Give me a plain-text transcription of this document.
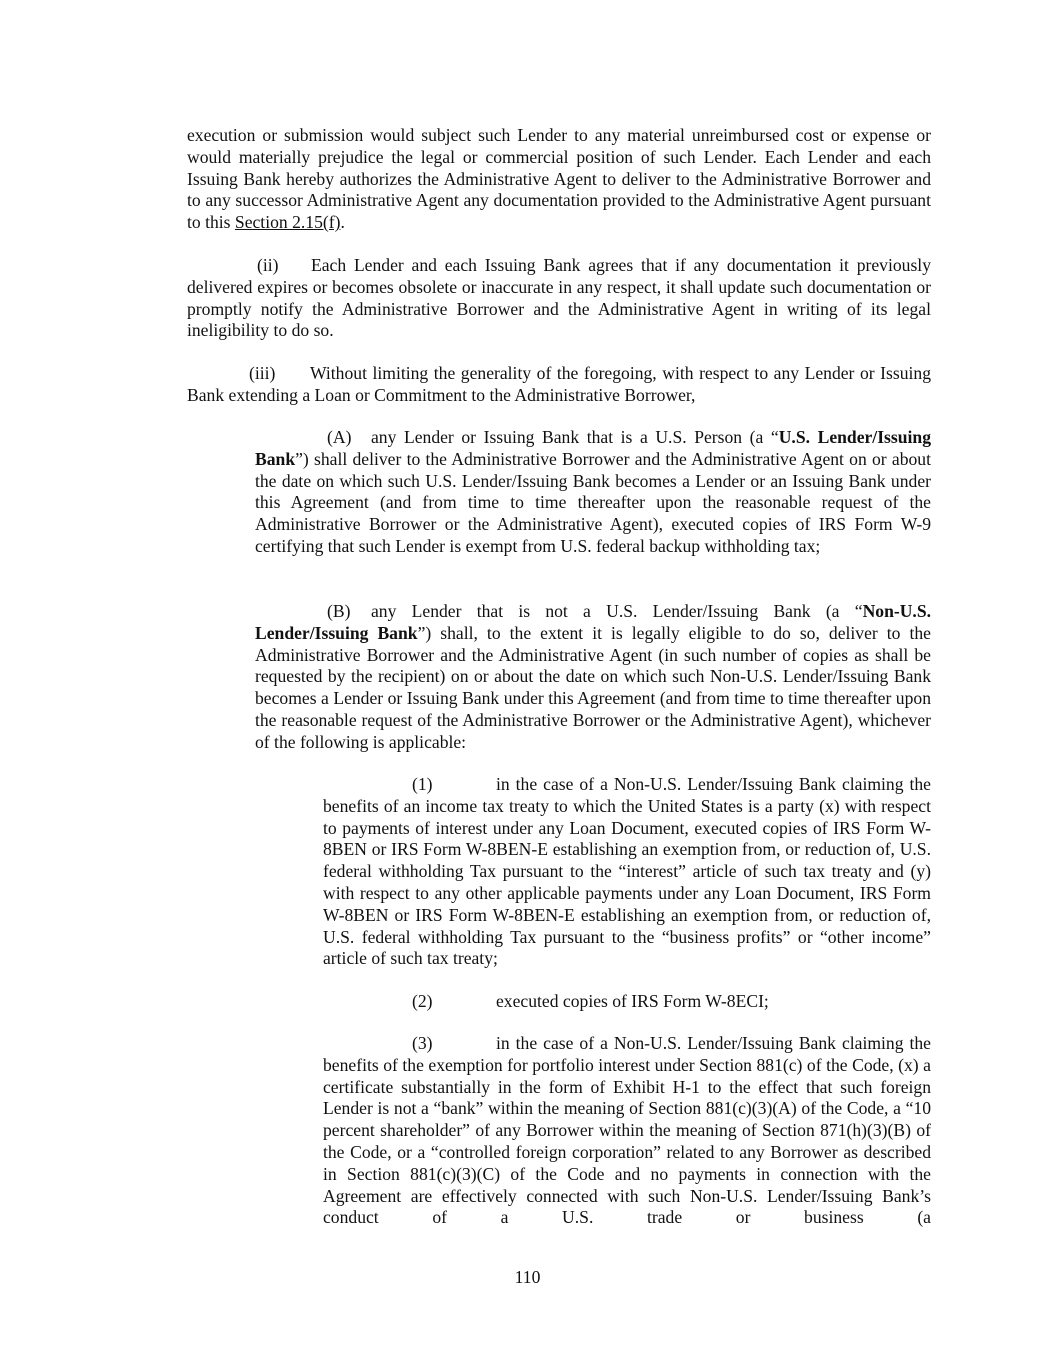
execution or submission would subject such Lender to any material unreimbursed cost or expense or would materially prejudice the legal or commercial position of such Lender. Each Lender and each Issuing Bank hereby authorizes the Administrative Agent to deliver to the Administrative Borrower and to any successor Administrative Agent any documentation provided to the Administrative Agent pursuant to this Section 2.15(f).

(ii) Each Lender and each Issuing Bank agrees that if any documentation it previously delivered expires or becomes obsolete or inaccurate in any respect, it shall update such documentation or promptly notify the Administrative Borrower and the Administrative Agent in writing of its legal ineligibility to do so.

(iii) Without limiting the generality of the foregoing, with respect to any Lender or Issuing Bank extending a Loan or Commitment to the Administrative Borrower,

(A) any Lender or Issuing Bank that is a U.S. Person (a “U.S. Lender/Issuing Bank”) shall deliver to the Administrative Borrower and the Administrative Agent on or about the date on which such U.S. Lender/Issuing Bank becomes a Lender or an Issuing Bank under this Agreement (and from time to time thereafter upon the reasonable request of the Administrative Borrower or the Administrative Agent), executed copies of IRS Form W-9 certifying that such Lender is exempt from U.S. federal backup withholding tax;

(B) any Lender that is not a U.S. Lender/Issuing Bank (a “Non-U.S. Lender/Issuing Bank”) shall, to the extent it is legally eligible to do so, deliver to the Administrative Borrower and the Administrative Agent (in such number of copies as shall be requested by the recipient) on or about the date on which such Non-U.S. Lender/Issuing Bank becomes a Lender or Issuing Bank under this Agreement (and from time to time thereafter upon the reasonable request of the Administrative Borrower or the Administrative Agent), whichever of the following is applicable:

(1)	in the case of a Non-U.S. Lender/Issuing Bank claiming the benefits of an income tax treaty to which the United States is a party (x) with respect to payments of interest under any Loan Document, executed copies of IRS Form W-8BEN or IRS Form W-8BEN-E establishing an exemption from, or reduction of, U.S. federal withholding Tax pursuant to the “interest” article of such tax treaty and (y) with respect to any other applicable payments under any Loan Document, IRS Form W-8BEN or IRS Form W-8BEN-E establishing an exemption from, or reduction of, U.S. federal withholding Tax pursuant to the “business profits” or “other income” article of such tax treaty;

(2)	executed copies of IRS Form W-8ECI;

(3)	in the case of a Non-U.S. Lender/Issuing Bank claiming the benefits of the exemption for portfolio interest under Section 881(c) of the Code, (x) a certificate substantially in the form of Exhibit H-1 to the effect that such foreign Lender is not a “bank” within the meaning of Section 881(c)(3)(A) of the Code, a “10 percent shareholder” of any Borrower within the meaning of Section 871(h)(3)(B) of the Code, or a “controlled foreign corporation” related to any Borrower as described in Section 881(c)(3)(C) of the Code and no payments in connection with the Agreement are effectively connected with such Non-U.S. Lender/Issuing Bank’s conduct of a U.S. trade or business (a

110
